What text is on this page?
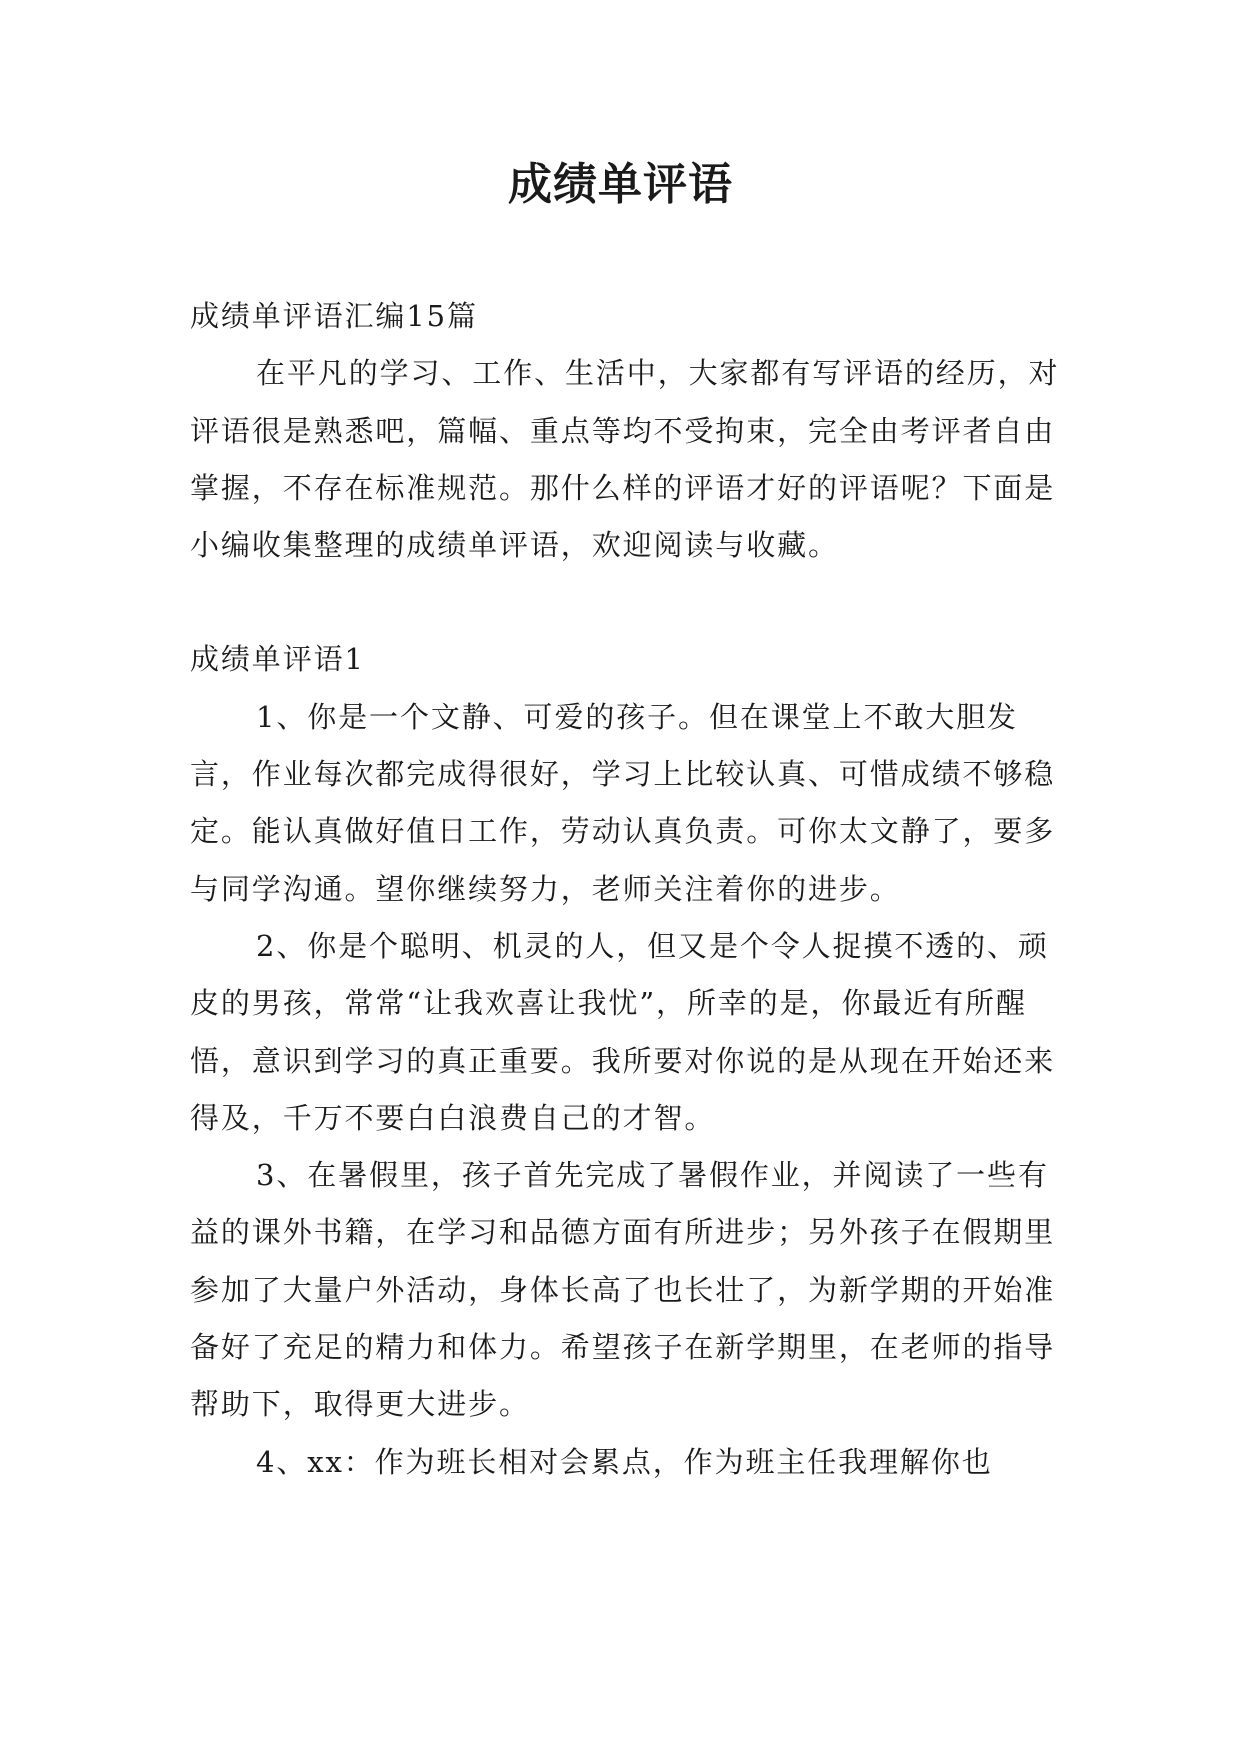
成绩单评语

成绩单评语汇编15篇

在平凡的学习、工作、生活中，大家都有写评语的经历，对评语很是熟悉吧，篇幅、重点等均不受拘束，完全由考评者自由掌握，不存在标准规范。那什么样的评语才好的评语呢？下面是小编收集整理的成绩单评语，欢迎阅读与收藏。

成绩单评语1

1、你是一个文静、可爱的孩子。但在课堂上不敢大胆发言，作业每次都完成得很好，学习上比较认真、可惜成绩不够稳定。能认真做好值日工作，劳动认真负责。可你太文静了，要多与同学沟通。望你继续努力，老师关注着你的进步。

2、你是个聪明、机灵的人，但又是个令人捉摸不透的、顽皮的男孩，常常“让我欢喜让我忧”，所幸的是，你最近有所醒悟，意识到学习的真正重要。我所要对你说的是从现在开始还来得及，千万不要白白浪费自己的才智。

3、在暑假里，孩子首先完成了暑假作业，并阅读了一些有益的课外书籍，在学习和品德方面有所进步；另外孩子在假期里参加了大量户外活动，身体长高了也长壮了，为新学期的开始准备好了充足的精力和体力。希望孩子在新学期里，在老师的指导帮助下，取得更大进步。

4、xx：作为班长相对会累点，作为班主任我理解你也
